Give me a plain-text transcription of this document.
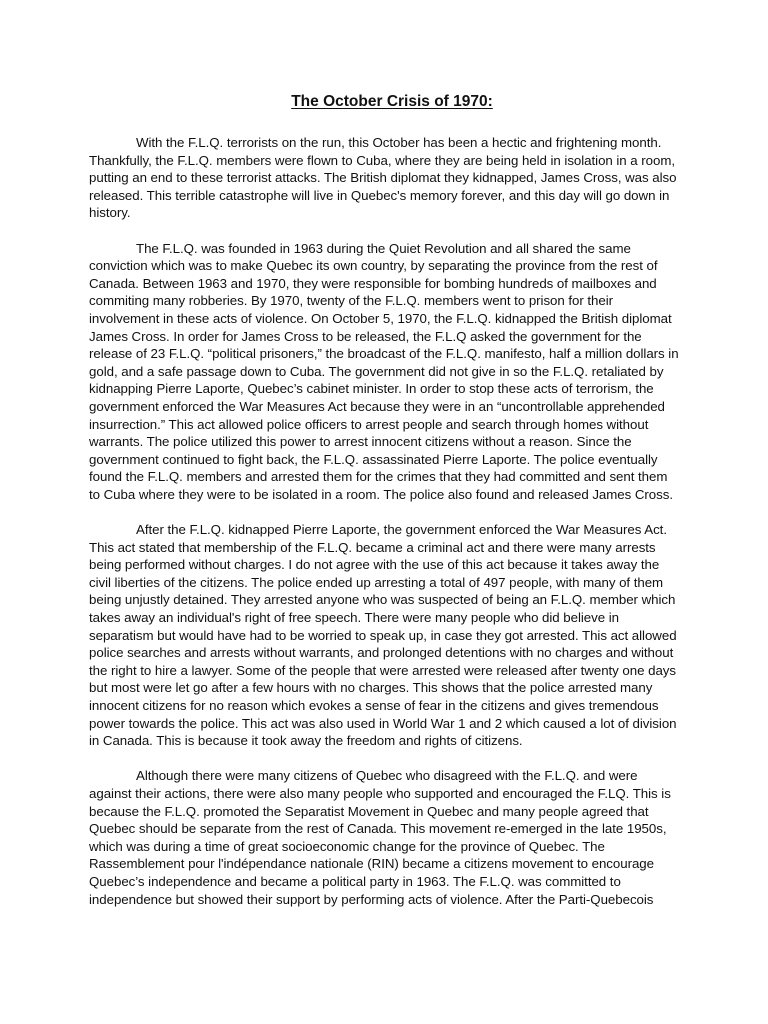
The October Crisis of 1970:

With the F.L.Q. terrorists on the run, this October has been a hectic and frightening month. Thankfully, the F.L.Q. members were flown to Cuba, where they are being held in isolation in a room, putting an end to these terrorist attacks. The British diplomat they kidnapped, James Cross, was also released. This terrible catastrophe will live in Quebec's memory forever, and this day will go down in history.

The F.L.Q. was founded in 1963 during the Quiet Revolution and all shared the same conviction which was to make Quebec its own country, by separating the province from the rest of Canada. Between 1963 and 1970, they were responsible for bombing hundreds of mailboxes and commiting many robberies. By 1970, twenty of the F.L.Q. members went to prison for their involvement in these acts of violence. On October 5, 1970, the F.L.Q. kidnapped the British diplomat James Cross. In order for James Cross to be released, the F.L.Q asked the government for the release of 23 F.L.Q. “political prisoners,” the broadcast of the F.L.Q. manifesto, half a million dollars in gold, and a safe passage down to Cuba. The government did not give in so the F.L.Q. retaliated by kidnapping Pierre Laporte, Quebec’s cabinet minister. In order to stop these acts of terrorism, the government enforced the War Measures Act because they were in an “uncontrollable apprehended insurrection.” This act allowed police officers to arrest people and search through homes without warrants. The police utilized this power to arrest innocent citizens without a reason. Since the government continued to fight back, the F.L.Q. assassinated Pierre Laporte. The police eventually found the F.L.Q. members and arrested them for the crimes that they had committed and sent them to Cuba where they were to be isolated in a room. The police also found and released James Cross.

After the F.L.Q. kidnapped Pierre Laporte, the government enforced the War Measures Act. This act stated that membership of the F.L.Q. became a criminal act and there were many arrests being performed without charges. I do not agree with the use of this act because it takes away the civil liberties of the citizens. The police ended up arresting a total of 497 people, with many of them being unjustly detained. They arrested anyone who was suspected of being an F.L.Q. member which takes away an individual's right of free speech. There were many people who did believe in separatism but would have had to be worried to speak up, in case they got arrested. This act allowed police searches and arrests without warrants, and prolonged detentions with no charges and without the right to hire a lawyer. Some of the people that were arrested were released after twenty one days but most were let go after a few hours with no charges. This shows that the police arrested many innocent citizens for no reason which evokes a sense of fear in the citizens and gives tremendous power towards the police. This act was also used in World War 1 and 2 which caused a lot of division in Canada. This is because it took away the freedom and rights of citizens.

Although there were many citizens of Quebec who disagreed with the F.L.Q. and were against their actions, there were also many people who supported and encouraged the F.LQ. This is because the F.L.Q. promoted the Separatist Movement in Quebec and many people agreed that Quebec should be separate from the rest of Canada. This movement re-emerged in the late 1950s, which was during a time of great socioeconomic change for the province of Quebec. The Rassemblement pour l'indépendance nationale (RIN) became a citizens movement to encourage Quebec’s independence and became a political party in 1963. The F.L.Q. was committed to independence but showed their support by performing acts of violence. After the Parti-Quebecois
